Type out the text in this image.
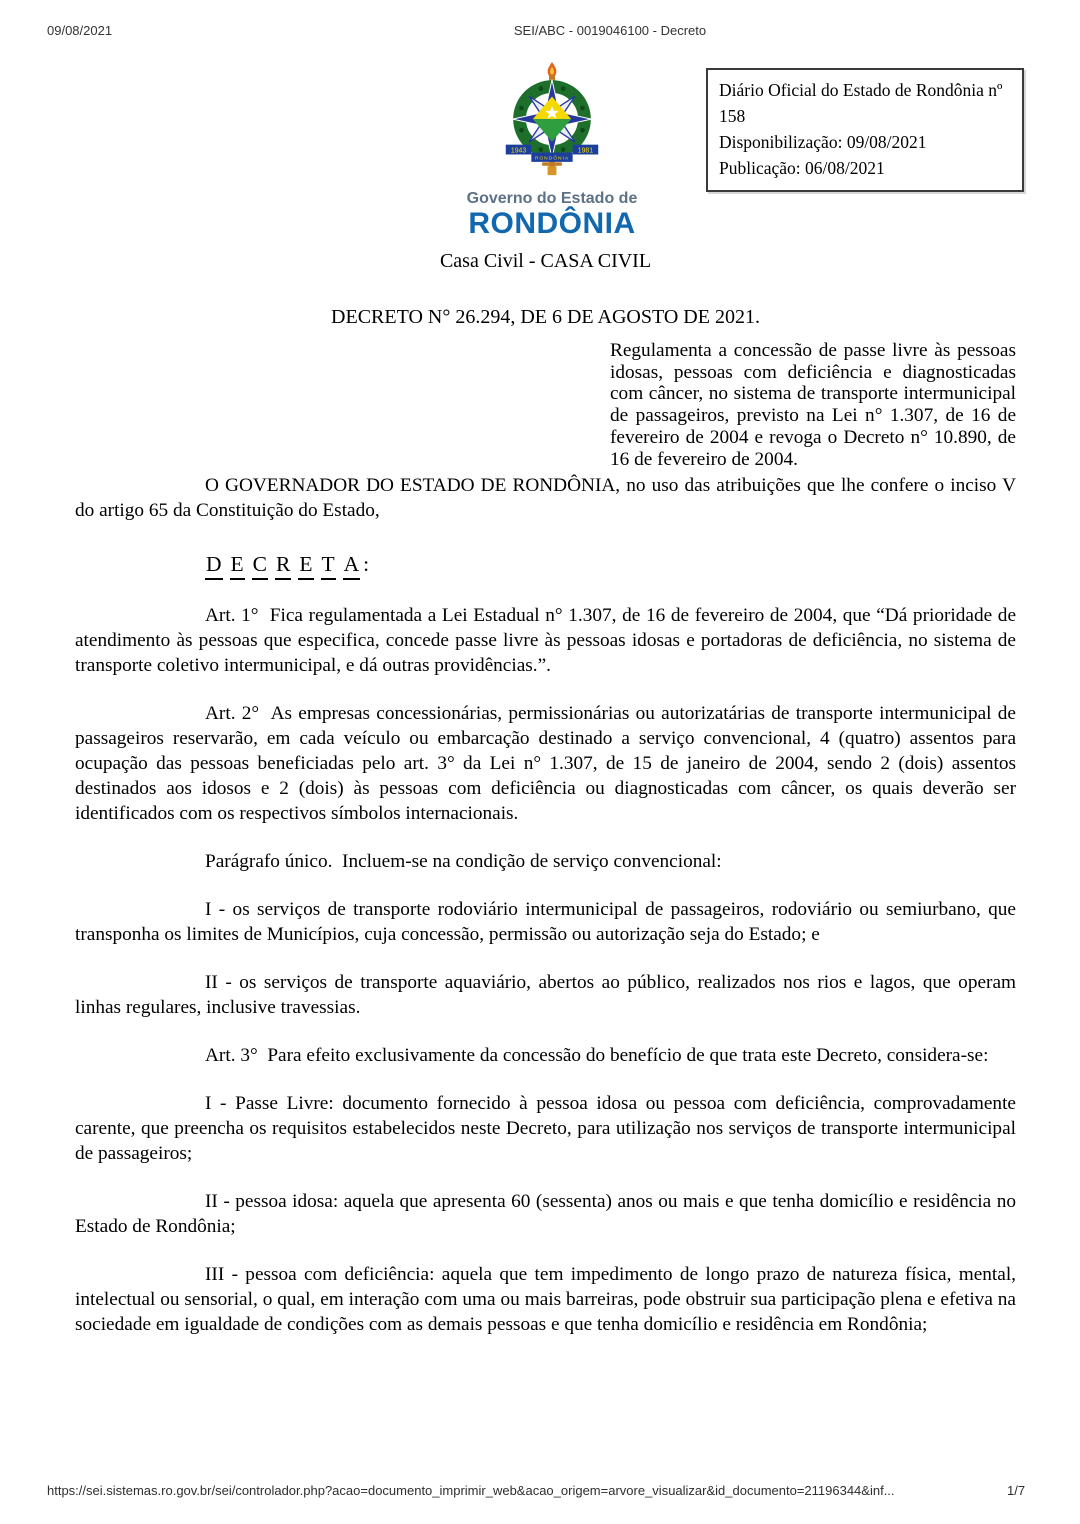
09/08/2021	SEI/ABC - 0019046100 - Decreto
1943	1981
RONDÔNIA
Governo do Estado de
RONDÔNIA
Diário Oficial do Estado de Rondônia nº 158
Disponibilização: 09/08/2021
Publicação: 06/08/2021
Casa Civil - CASA CIVIL
DECRETO N° 26.294, DE 6 DE AGOSTO DE 2021.

Regulamenta a concessão de passe livre às pessoas idosas, pessoas com deficiência e diagnosticadas com câncer, no sistema de transporte intermunicipal de passageiros, previsto na Lei n° 1.307, de 16 de fevereiro de 2004 e revoga o Decreto n° 10.890, de 16 de fevereiro de 2004.

O GOVERNADOR DO ESTADO DE RONDÔNIA, no uso das atribuições que lhe confere o inciso V do artigo 65 da Constituição do Estado,

D E C R E T A :

Art. 1°  Fica regulamentada a Lei Estadual n° 1.307, de 16 de fevereiro de 2004, que “Dá prioridade de atendimento às pessoas que especifica, concede passe livre às pessoas idosas e portadoras de deficiência, no sistema de transporte coletivo intermunicipal, e dá outras providências.”.

Art. 2°  As empresas concessionárias, permissionárias ou autorizatárias de transporte intermunicipal de passageiros reservarão, em cada veículo ou embarcação destinado a serviço convencional, 4 (quatro) assentos para ocupação das pessoas beneficiadas pelo art. 3° da Lei n° 1.307, de 15 de janeiro de 2004, sendo 2 (dois) assentos destinados aos idosos e 2 (dois) às pessoas com deficiência ou diagnosticadas com câncer, os quais deverão ser identificados com os respectivos símbolos internacionais.

Parágrafo único.  Incluem-se na condição de serviço convencional:

I - os serviços de transporte rodoviário intermunicipal de passageiros, rodoviário ou semiurbano, que transponha os limites de Municípios, cuja concessão, permissão ou autorização seja do Estado; e

II - os serviços de transporte aquaviário, abertos ao público, realizados nos rios e lagos, que operam linhas regulares, inclusive travessias.

Art. 3°  Para efeito exclusivamente da concessão do benefício de que trata este Decreto, considera-se:

I - Passe Livre: documento fornecido à pessoa idosa ou pessoa com deficiência, comprovadamente carente, que preencha os requisitos estabelecidos neste Decreto, para utilização nos serviços de transporte intermunicipal de passageiros;

II - pessoa idosa: aquela que apresenta 60 (sessenta) anos ou mais e que tenha domicílio e residência no Estado de Rondônia;

III - pessoa com deficiência: aquela que tem impedimento de longo prazo de natureza física, mental, intelectual ou sensorial, o qual, em interação com uma ou mais barreiras, pode obstruir sua participação plena e efetiva na sociedade em igualdade de condições com as demais pessoas e que tenha domicílio e residência em Rondônia;

https://sei.sistemas.ro.gov.br/sei/controlador.php?acao=documento_imprimir_web&acao_origem=arvore_visualizar&id_documento=21196344&inf...	1/7
